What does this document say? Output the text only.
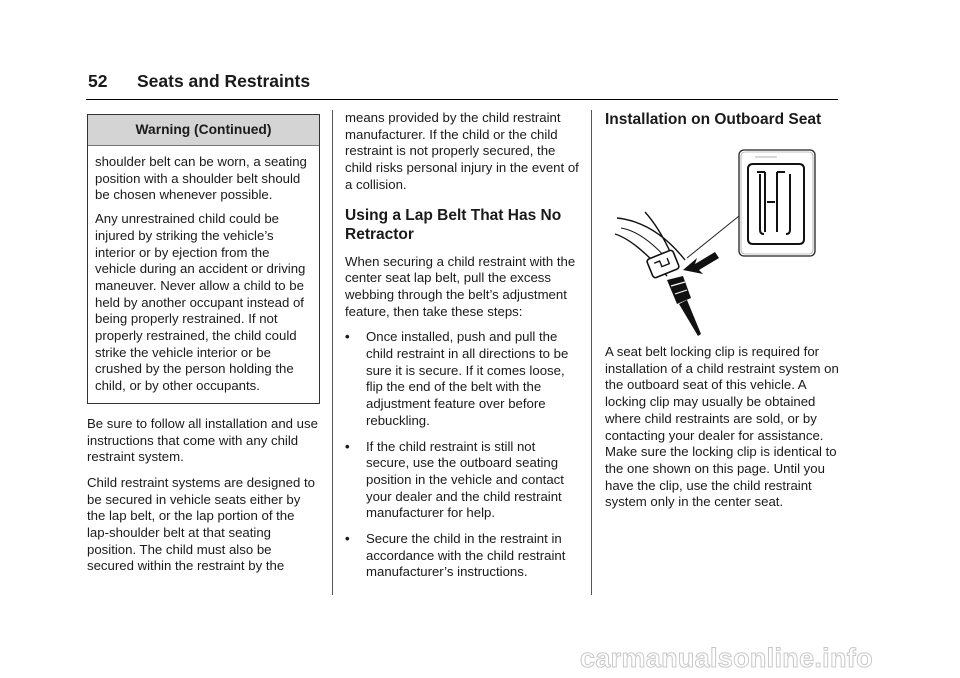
52 Seats and Restraints
Warning (Continued)

shoulder belt can be worn, a seating position with a shoulder belt should be chosen whenever possible.

Any unrestrained child could be injured by striking the vehicle’s interior or by ejection from the vehicle during an accident or driving maneuver. Never allow a child to be held by another occupant instead of being properly restrained. If not properly restrained, the child could strike the vehicle interior or be crushed by the person holding the child, or by other occupants.

Be sure to follow all installation and use instructions that come with any child restraint system.

Child restraint systems are designed to be secured in vehicle seats either by the lap belt, or the lap portion of the lap-shoulder belt at that seating position. The child must also be secured within the restraint by the

means provided by the child restraint manufacturer. If the child or the child restraint is not properly secured, the child risks personal injury in the event of a collision.

Using a Lap Belt That Has No Retractor

When securing a child restraint with the center seat lap belt, pull the excess webbing through the belt’s adjustment feature, then take these steps:

•	Once installed, push and pull the child restraint in all directions to be sure it is secure. If it comes loose, flip the end of the belt with the adjustment feature over before rebuckling.
•	If the child restraint is still not secure, use the outboard seating position in the vehicle and contact your dealer and the child restraint manufacturer for help.
•	Secure the child in the restraint in accordance with the child restraint manufacturer’s instructions.
Installation on Outboard Seat

A seat belt locking clip is required for installation of a child restraint system on the outboard seat of this vehicle. A locking clip may usually be obtained where child restraints are sold, or by contacting your dealer for assistance. Make sure the locking clip is identical to the one shown on this page. Until you have the clip, use the child restraint system only in the center seat.

carmanualsonline.info
